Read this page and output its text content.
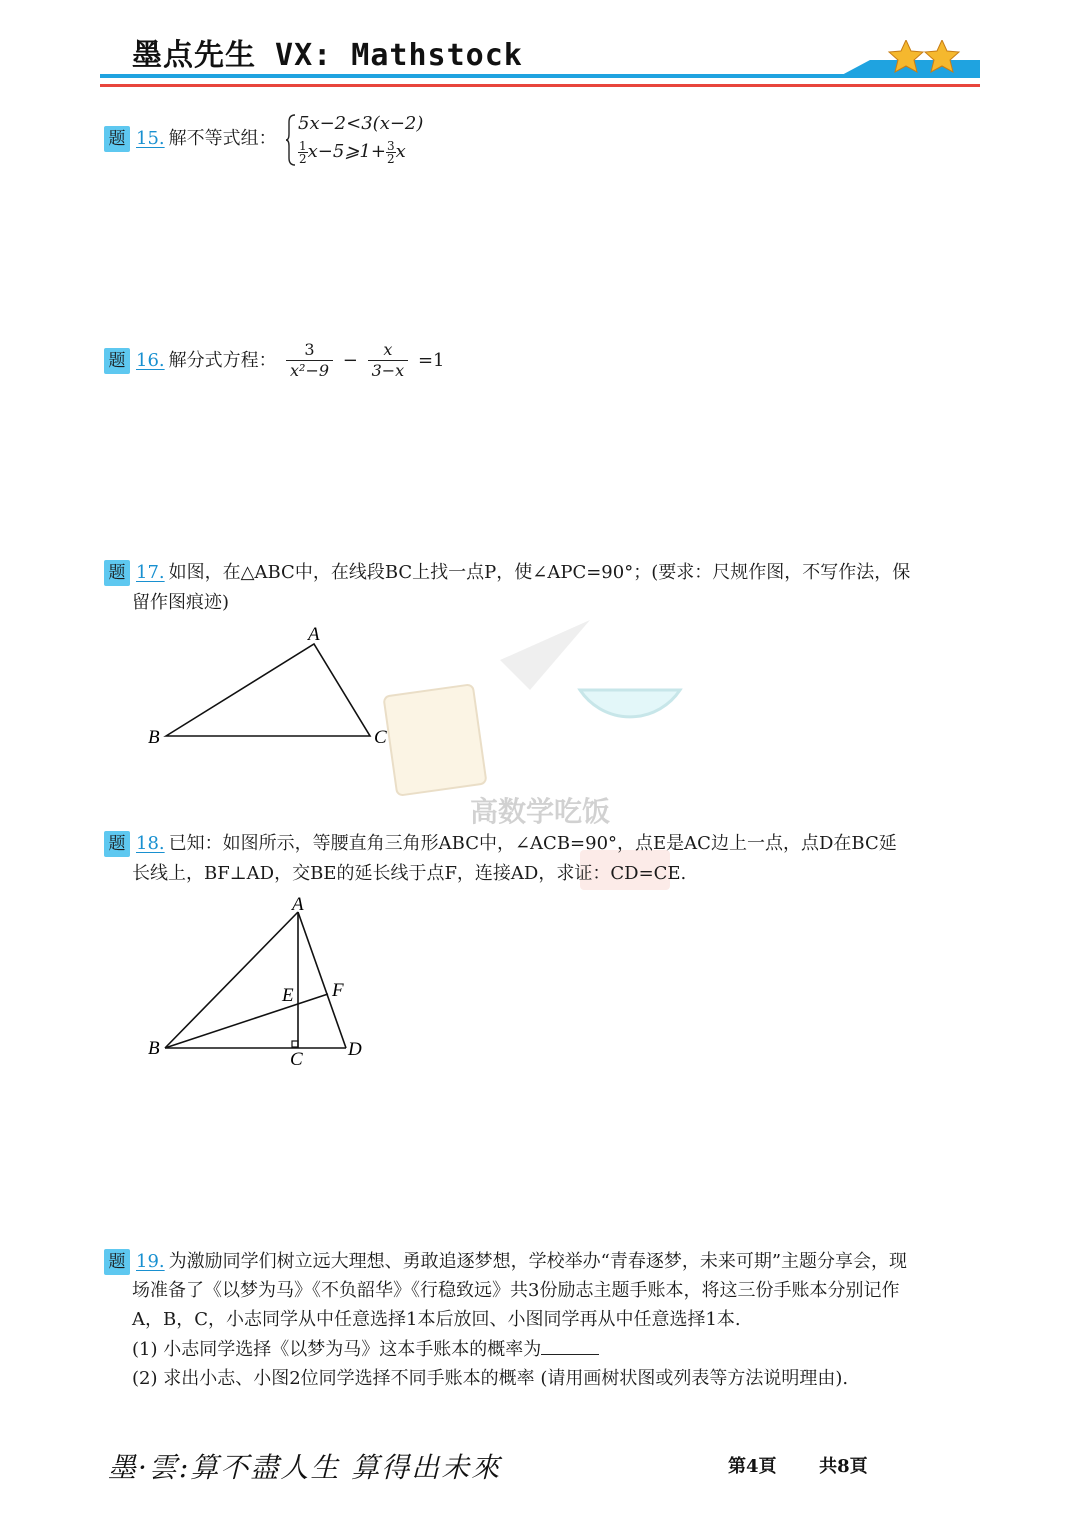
墨点先生 VX: Mathstock
高数学吃饭
题 15. 解不等式组：
5x−2<3(x−2)
$\frac{1}{2}$ x−5⩾1+ $\frac{3}{2}$ x
题 16. 解分式方程： $\frac{3}{\text{x²−9}} - \frac{x}{3-x} =1$
题 17. 如图，在△ABC中，在线段BC上找一点P，使∠APC=90°；(要求：尺规作图，不写作法，保
留作图痕迹)
A
B	C
题 18. 已知：如图所示，等腰直角三角形ABC中，∠ACB=90°，点E是AC边上一点，点D在BC延
长线上，BF⊥AD，交BE的延长线于点F，连接AD，求证：CD=CE.
A
B
C D
E F
题 19. 为激励同学们树立远大理想、勇敢追逐梦想，学校举办“青春逐梦，未来可期”主题分享会，现
场准备了《以梦为马》《不负韶华》《行稳致远》共3份励志主题手账本，将这三份手账本分别记作
A，B，C，小志同学从中任意选择1本后放回、小图同学再从中任意选择1本.
(1) 小志同学选择《以梦为马》这本手账本的概率为
(2) 求出小志、小图2位同学选择不同手账本的概率 (请用画树状图或列表等方法说明理由).
墨·雲:算不盡人生 算得出未來	第4頁 共8頁
